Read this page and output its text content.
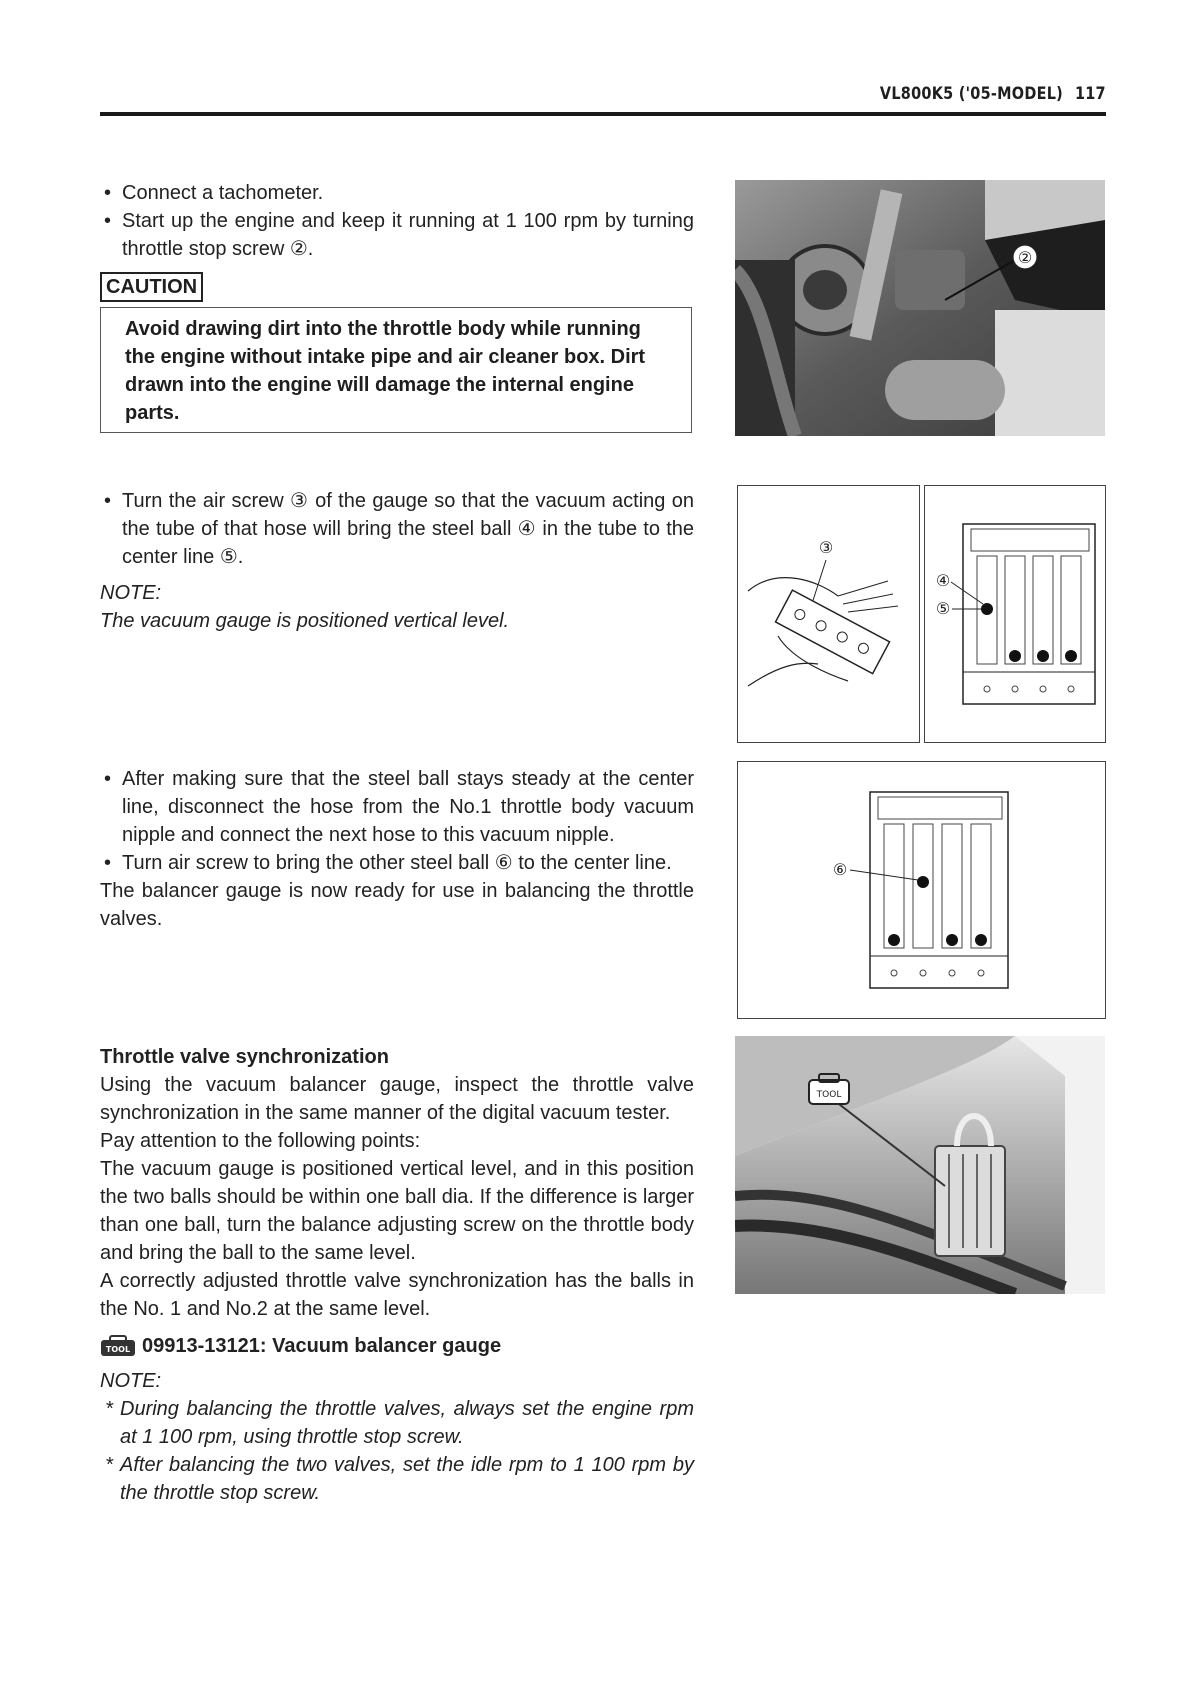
VL800K5 ('05-MODEL) 117
• Connect a tachometer.
• Start up the engine and keep it running at 1 100 rpm by turning throttle stop screw ②.
CAUTION
Avoid drawing dirt into the throttle body while running the engine without intake pipe and air cleaner box. Dirt drawn into the engine will damage the internal engine parts.
②
• Turn the air screw ③ of the gauge so that the vacuum acting on the tube of that hose will bring the steel ball ④ in the tube to the center line ⑤.
NOTE:
The vacuum gauge is positioned vertical level.
③
④
⑤
• After making sure that the steel ball stays steady at the center line, disconnect the hose from the No.1 throttle body vacuum nipple and connect the next hose to this vacuum nipple.
• Turn air screw to bring the other steel ball ⑥ to the center line.
The balancer gauge is now ready for use in balancing the throttle valves.
⑥
Throttle valve synchronization
Using the vacuum balancer gauge, inspect the throttle valve synchronization in the same manner of the digital vacuum tester.
Pay attention to the following points:
The vacuum gauge is positioned vertical level, and in this position the two balls should be within one ball dia. If the difference is larger than one ball, turn the balance adjusting screw on the throttle body and bring the ball to the same level.
A correctly adjusted throttle valve synchronization has the balls in the No. 1 and No.2 at the same level.
TOOL 09913-13121: Vacuum balancer gauge
NOTE:
* During balancing the throttle valves, always set the engine rpm at 1 100 rpm, using throttle stop screw.
* After balancing the two valves, set the idle rpm to 1 100 rpm by the throttle stop screw.
TOOL
